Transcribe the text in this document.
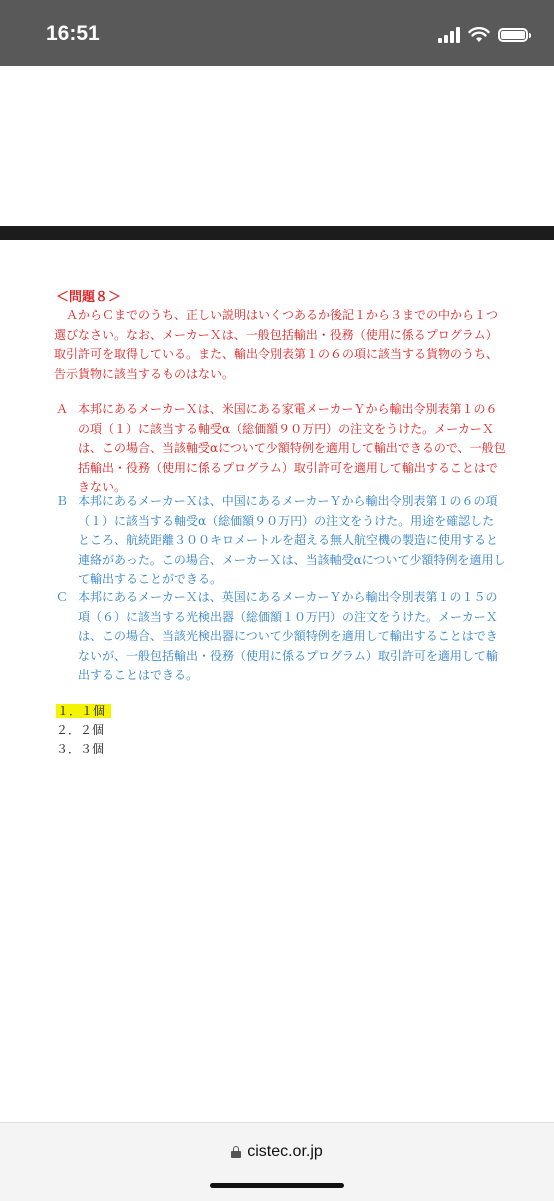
16:51
＜問題８＞

ＡからＣまでのうち、正しい説明はいくつあるか後記１から３までの中から１つ選びなさい。なお、メーカーＸは、一般包括輸出・役務（使用に係るプログラム）取引許可を取得している。また、輸出令別表第１の６の項に該当する貨物のうち、告示貨物に該当するものはない。

Ａ 本邦にあるメーカーＸは、米国にある家電メーカーＹから輸出令別表第１の６の項（１）に該当する軸受α（総価額９０万円）の注文をうけた。メーカーＸは、この場合、当該軸受αについて少額特例を適用して輸出できるので、一般包括輸出・役務（使用に係るプログラム）取引許可を適用して輸出することはできない。
Ｂ 本邦にあるメーカーＸは、中国にあるメーカーＹから輸出令別表第１の６の項（１）に該当する軸受α（総価額９０万円）の注文をうけた。用途を確認したところ、航続距離３００キロメートルを超える無人航空機の製造に使用すると連絡があった。この場合、メーカーＸは、当該軸受αについて少額特例を適用して輸出することができる。
Ｃ 本邦にあるメーカーＸは、英国にあるメーカーＹから輸出令別表第１の１５の項（６）に該当する光検出器（総価額１０万円）の注文をうけた。メーカーＸは、この場合、当該光検出器について少額特例を適用して輸出することはできないが、一般包括輸出・役務（使用に係るプログラム）取引許可を適用して輸出することはできる。
１．１個
２．２個
３．３個
cistec.or.jp
